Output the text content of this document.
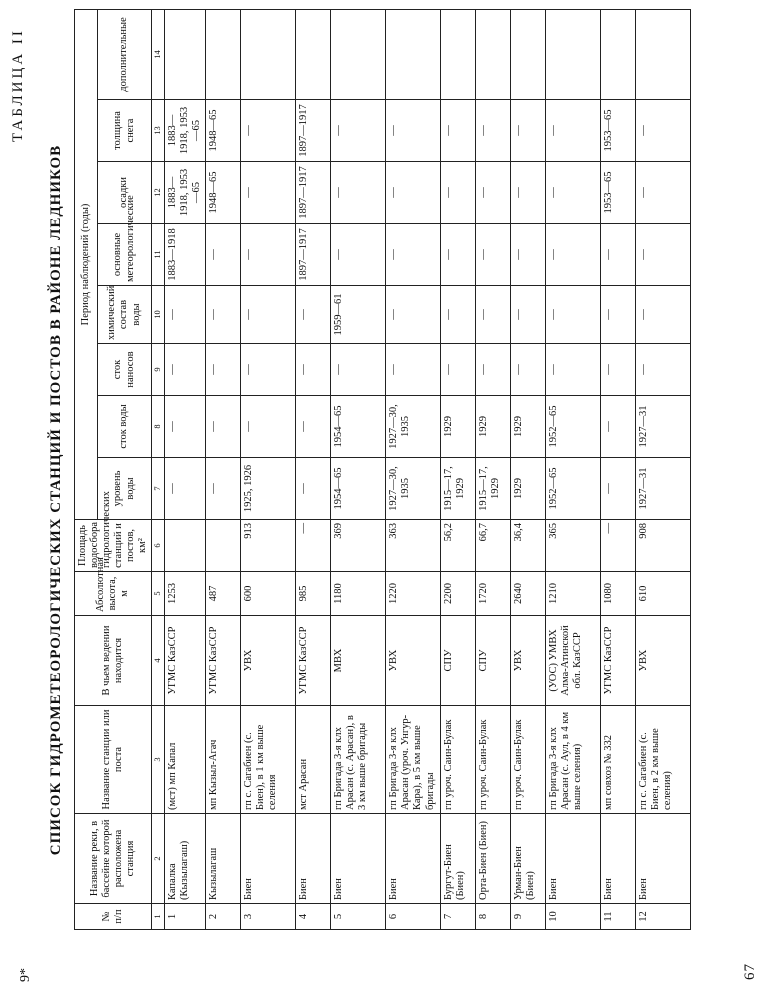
9*	67
ТАБЛИЦА II
СПИСОК ГИДРОМЕТЕОРОЛОГИЧЕСКИХ СТАНЦИЙ И ПОСТОВ В РАЙОНЕ ЛЕДНИКОВ
№ п/п	Название реки, в бассейне которой расположена станция	Название станции или поста	В чьем ведении находится	Абсолютная высота, м	Площадь водосбора гидрологических станций и постов, км²	Период наблюдений (годы)							
						уровень воды	сток воды	сток наносов	химический состав воды	основные метеорологические	осадки	толщина снега	дополнительные
1	2	3	4	5	6	7	8	9	10	11	12	13	14
1	Капалка (Кызылагаш)	(мст) мп Капал	УГМС КазССР	1253		—	—	—	—	1883—1918	1883—1918, 1953—65	1883—1918, 1953—65	
2	Кызылагаш	мп Кызыл-Агач	УГМС КазССР	487		—	—	—	—	—	1948—65	1948—65	
3	Биен	гп с. Сагабиен (с. Биен), в 1 км выше селения	УВХ	600	913	1925, 1926	—	—	—	—	—	—	
4	Биен	мст Арасан	УГМС КазССР	985	—	—	—	—	—	1897—1917	1897—1917	1897—1917	
5	Биен	гп Бригада 3-я клх Арасан (с. Арасан), в 3 км выше бригады	МВХ	1180	369	1954—65	1954—65	—	1959—61	—	—	—	
6	Биен	гп Бригада 3-я клх Арасан (уроч. Унгур-Кара), в 5 км выше бригады	УВХ	1220	363	1927—30, 1935	1927—30, 1935	—	—	—	—	—	
7	Бургут-Биен (Биен)	гп уроч. Саин-Булак	СПУ	2200	56,2	1915—17, 1929	1929	—	—	—	—	—	
8	Орта-Биен (Биен)	гп уроч. Саин-Булак	СПУ	1720	66,7	1915—17, 1929	1929	—	—	—	—	—	
9	Урман-Биен (Биен)	гп уроч. Саин-Булак	УВХ	2640	36,4	1929	1929	—	—	—	—	—	
10	Биен	гп Бригада 3-я клх Арасан (с. Аул, в 4 км выше селения)	(УОС) УМВХ Алма-Атинской обл. КазССР	1210	365	1952—65	1952—65	—	—	—	—	—	
11	Биен	мп совхоз № 332	УГМС КазССР	1080	—	—	—	—	—	—	1953—65	1953—65	
12	Биен	гп с. Сагабиен (с. Биен, в 2 км выше селения)	УВХ	610	908	1927—31	1927—31	—	—	—	—	—	
